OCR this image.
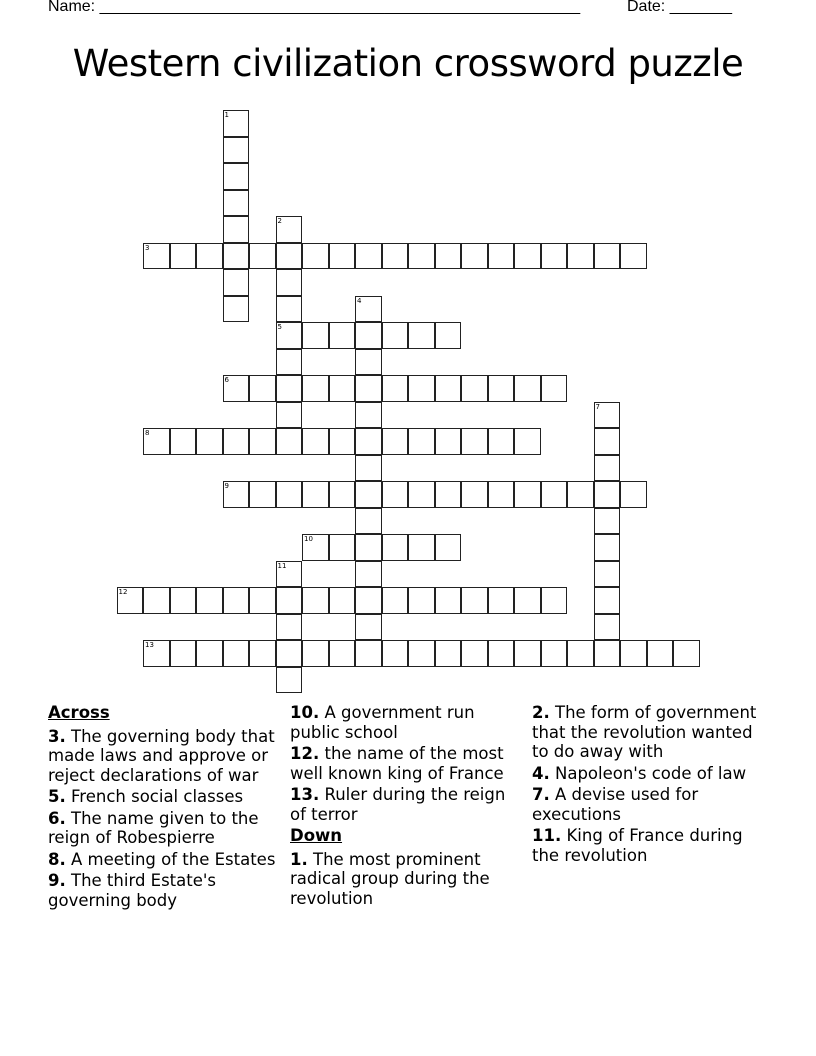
Name: ______________________________________________________	Date: _______
Western civilization crossword puzzle
1
2
5
3
4
6
7
8
9
10
11
12
13
Across
3. The governing body that made laws and approve or reject declarations of war
5. French social classes
6. The name given to the reign of Robespierre
8. A meeting of the Estates
9. The third Estate's governing body
10. A government run public school
12. the name of the most well known king of France
13. Ruler during the reign of terror
Down
1. The most prominent radical group during the revolution
2. The form of government that the revolution wanted to do away with
4. Napoleon's code of law
7. A devise used for executions
11. King of France during the revolution
